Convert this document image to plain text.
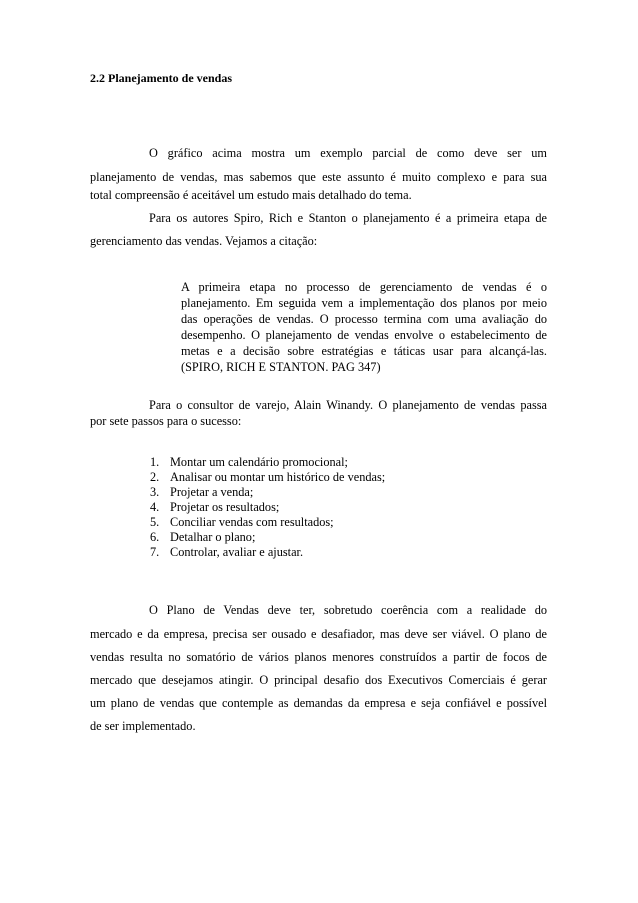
2.2 Planejamento de vendas
O gráfico acima mostra um exemplo parcial de como deve ser um
planejamento de vendas, mas sabemos que este assunto é muito complexo e para sua
total compreensão é aceitável um estudo mais detalhado do tema.
Para os autores Spiro, Rich e Stanton o planejamento é a primeira etapa de
gerenciamento das vendas. Vejamos a citação:
A primeira etapa no processo de gerenciamento de vendas é o
planejamento. Em seguida vem a implementação dos planos por meio
das operações de vendas. O processo termina com uma avaliação do
desempenho. O planejamento de vendas envolve o estabelecimento de
metas e a decisão sobre estratégias e táticas usar para alcançá-las.
(SPIRO, RICH E STANTON. PAG 347)
Para o consultor de varejo, Alain Winandy. O planejamento de vendas passa
por sete passos para o sucesso:
1. Montar um calendário promocional;
2. Analisar ou montar um histórico de vendas;
3. Projetar a venda;
4. Projetar os resultados;
5. Conciliar vendas com resultados;
6. Detalhar o plano;
7. Controlar, avaliar e ajustar.
O Plano de Vendas deve ter, sobretudo coerência com a realidade do
mercado e da empresa, precisa ser ousado e desafiador, mas deve ser viável. O plano de
vendas resulta no somatório de vários planos menores construídos a partir de focos de
mercado que desejamos atingir. O principal desafio dos Executivos Comerciais é gerar
um plano de vendas que contemple as demandas da empresa e seja confiável e possível
de ser implementado.
